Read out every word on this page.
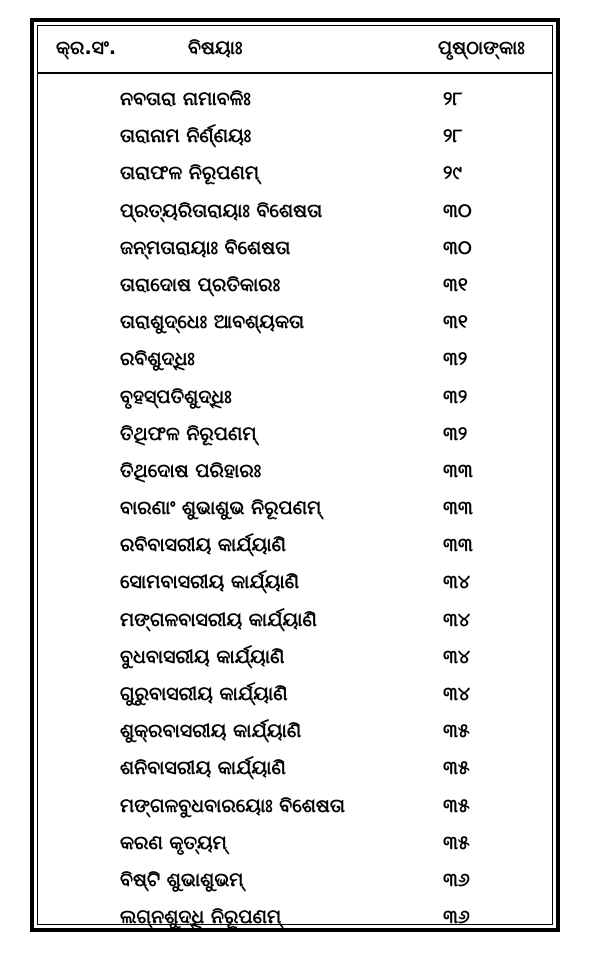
କ୍ର.ସଂ.	ବିଷୟାଃ	ପୃଷ୍ଠାଙ୍କାଃ
ନବତାରା ନାମାବଳିଃ	୨୮
ତାରାନାମ ନିର୍ଣ୍ଣୟଃ	୨୮
ତାରାଫଳ ନିରୂପଣମ୍	୨୯
ପ୍ରତ୍ୟରିତାରାୟାଃ ବିଶେଷତା	୩୦
ଜନ୍ମତାରାୟାଃ ବିଶେଷତା	୩୦
ତାରାଦୋଷ ପ୍ରତିକାରଃ	୩୧
ତାରାଶୁଦ୍ଧେଃ ଆବଶ୍ୟକତା	୩୧
ରବିଶୁଦ୍ଧିଃ	୩୨
ବୃହସ୍ପତିଶୁଦ୍ଧିଃ	୩୨
ତିଥିଫଳ ନିରୂପଣମ୍	୩୨
ତିଥିଦୋଷ ପରିହାରଃ	୩୩
ବାରଣାଂ ଶୁଭାଶୁଭ ନିରୂପଣମ୍	୩୩
ରବିବାସରୀୟ କାର୍ଯ୍ୟାଣି	୩୩
ସୋମବାସରୀୟ କାର୍ଯ୍ୟାଣି	୩୪
ମଙ୍ଗଳବାସରୀୟ କାର୍ଯ୍ୟାଣି	୩୪
ବୁଧବାସରୀୟ କାର୍ଯ୍ୟାଣି	୩୪
ଗୁରୁବାସରୀୟ କାର୍ଯ୍ୟାଣି	୩୪
ଶୁକ୍ରବାସରୀୟ କାର୍ଯ୍ୟାଣି	୩୫
ଶନିବାସରୀୟ କାର୍ଯ୍ୟାଣି	୩୫
ମଙ୍ଗଳବୁଧବାରୟୋଃ ବିଶେଷତା	୩୫
କରଣ କୃତ୍ୟମ୍	୩୫
ବିଷ୍ଟି ଶୁଭାଶୁଭମ୍	୩୬
ଲଗ୍ନଶୁଦ୍ଧି ନିରୂପଣମ୍	୩୬
